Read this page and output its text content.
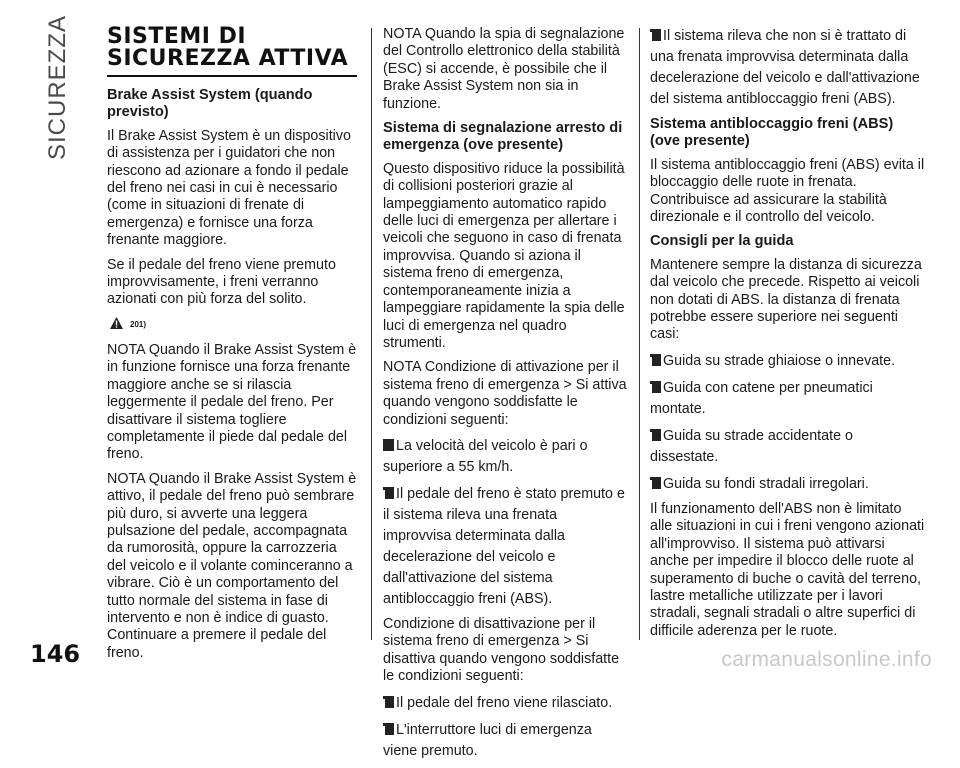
SICUREZZA SISTEMI DI
SICUREZZA ATTIVA
Brake Assist System (quando previsto)

Il Brake Assist System è un dispositivo di assistenza per i guidatori che non riescono ad azionare a fondo il pedale del freno nei casi in cui è necessario (come in situazioni di frenate di emergenza) e fornisce una forza frenante maggiore.

Se il pedale del freno viene premuto improvvisamente, i freni verranno azionati con più forza del solito.

201)

NOTA Quando il Brake Assist System è in funzione fornisce una forza frenante maggiore anche se si rilascia leggermente il pedale del freno. Per disattivare il sistema togliere completamente il piede dal pedale del freno.

NOTA Quando il Brake Assist System è attivo, il pedale del freno può sembrare più duro, si avverte una leggera pulsazione del pedale, accompagnata da rumorosità, oppure la carrozzeria del veicolo e il volante cominceranno a vibrare. Ciò è un comportamento del tutto normale del sistema in fase di intervento e non è indice di guasto. Continuare a premere il pedale del freno.

NOTA Quando la spia di segnalazione del Controllo elettronico della stabilità (ESC) si accende, è possibile che il Brake Assist System non sia in funzione.

Sistema di segnalazione arresto di emergenza (ove presente)

Questo dispositivo riduce la possibilità di collisioni posteriori grazie al lampeggiamento automatico rapido delle luci di emergenza per allertare i veicoli che seguono in caso di frenata improvvisa. Quando si aziona il sistema freno di emergenza, contemporaneamente inizia a lampeggiare rapidamente la spia delle luci di emergenza nel quadro strumenti.

NOTA Condizione di attivazione per il sistema freno di emergenza > Si attiva quando vengono soddisfatte le condizioni seguenti:

La velocità del veicolo è pari o superiore a 55 km/h.
Il pedale del freno è stato premuto e il sistema rileva una frenata improvvisa determinata dalla decelerazione del veicolo e dall'attivazione del sistema antibloccaggio freni (ABS).

Condizione di disattivazione per il sistema freno di emergenza > Si disattiva quando vengono soddisfatte le condizioni seguenti:

Il pedale del freno viene rilasciato.
L'interruttore luci di emergenza viene premuto.
Il sistema rileva che non si è trattato di una frenata improvvisa determinata dalla decelerazione del veicolo e dall'attivazione del sistema antibloccaggio freni (ABS).
Sistema antibloccaggio freni (ABS) (ove presente)

Il sistema antibloccaggio freni (ABS) evita il bloccaggio delle ruote in frenata. Contribuisce ad assicurare la stabilità direzionale e il controllo del veicolo.

Consigli per la guida

Mantenere sempre la distanza di sicurezza dal veicolo che precede. Rispetto ai veicoli non dotati di ABS. la distanza di frenata potrebbe essere superiore nei seguenti casi:

Guida su strade ghiaiose o innevate.
Guida con catene per pneumatici montate.
Guida su strade accidentate o dissestate.
Guida su fondi stradali irregolari.

Il funzionamento dell'ABS non è limitato alle situazioni in cui i freni vengono azionati all'improvviso. Il sistema può attivarsi anche per impedire il blocco delle ruote al superamento di buche o cavità del terreno, lastre metalliche utilizzate per i lavori stradali, segnali stradali o altre superfici di difficile aderenza per le ruote.

146	carmanualsonline.info
